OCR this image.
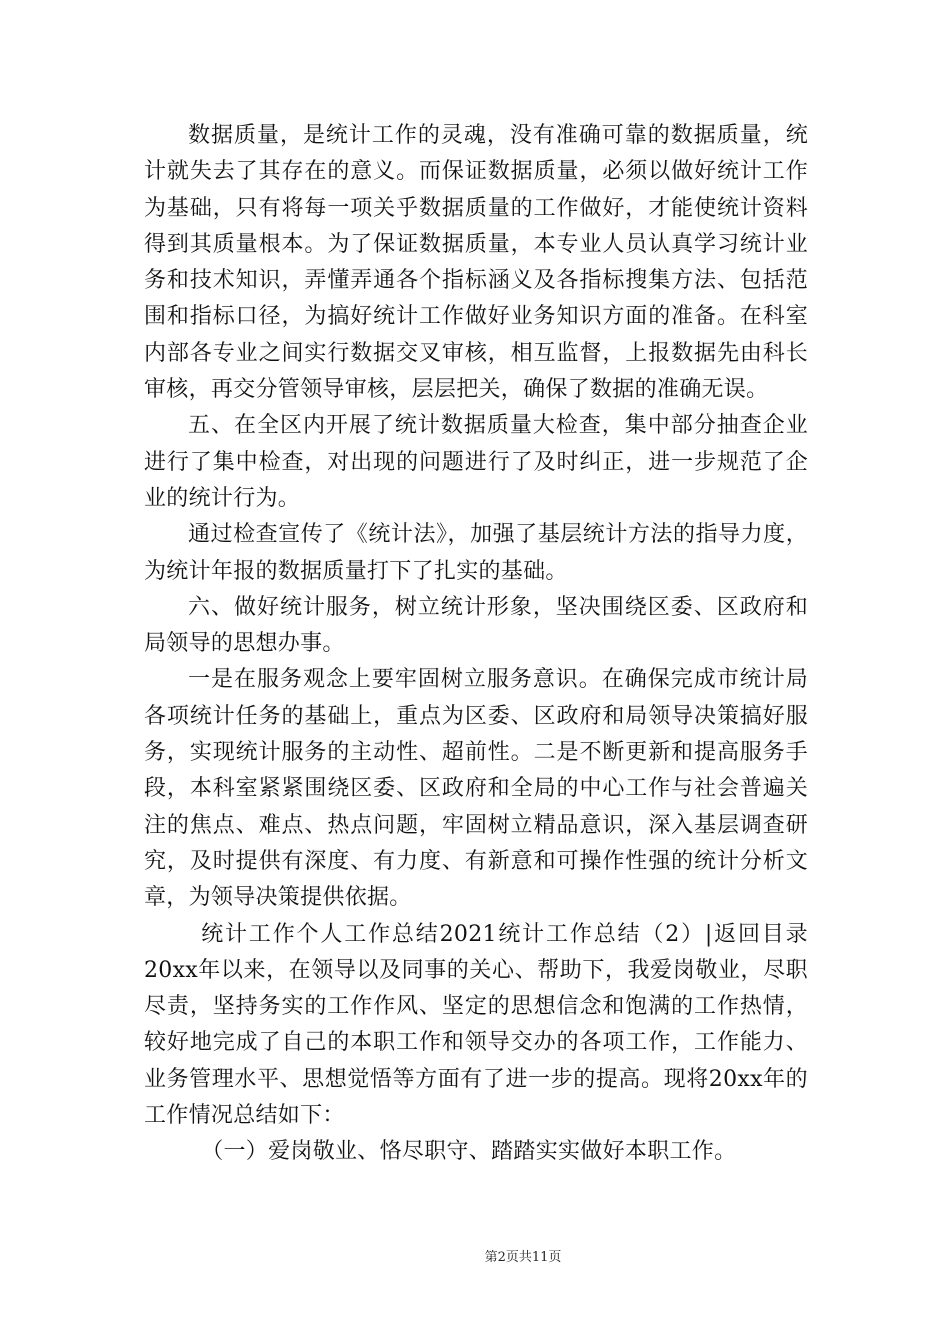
数据质量，是统计工作的灵魂，没有准确可靠的数据质量，统计就失去了其存在的意义。而保证数据质量，必须以做好统计工作为基础，只有将每一项关乎数据质量的工作做好，才能使统计资料得到其质量根本。为了保证数据质量，本专业人员认真学习统计业务和技术知识，弄懂弄通各个指标涵义及各指标搜集方法、包括范围和指标口径，为搞好统计工作做好业务知识方面的准备。在科室内部各专业之间实行数据交叉审核，相互监督，上报数据先由科长审核，再交分管领导审核，层层把关，确保了数据的准确无误。

五、在全区内开展了统计数据质量大检查，集中部分抽查企业进行了集中检查，对出现的问题进行了及时纠正，进一步规范了企业的统计行为。

通过检查宣传了《统计法》，加强了基层统计方法的指导力度，为统计年报的数据质量打下了扎实的基础。

六、做好统计服务，树立统计形象，坚决围绕区委、区政府和局领导的思想办事。

一是在服务观念上要牢固树立服务意识。在确保完成市统计局各项统计任务的基础上，重点为区委、区政府和局领导决策搞好服务，实现统计服务的主动性、超前性。二是不断更新和提高服务手段，本科室紧紧围绕区委、区政府和全局的中心工作与社会普遍关注的焦点、难点、热点问题，牢固树立精品意识，深入基层调查研究，及时提供有深度、有力度、有新意和可操作性强的统计分析文章，为领导决策提供依据。

统计工作个人工作总结2021统计工作总结（2）|返回目录20xx年以来，在领导以及同事的关心、帮助下，我爱岗敬业，尽职尽责，坚持务实的工作作风、坚定的思想信念和饱满的工作热情，较好地完成了自己的本职工作和领导交办的各项工作，工作能力、业务管理水平、思想觉悟等方面有了进一步的提高。现将20xx年的工作情况总结如下：

（一）爱岗敬业、恪尽职守、踏踏实实做好本职工作。

第2页共11页
